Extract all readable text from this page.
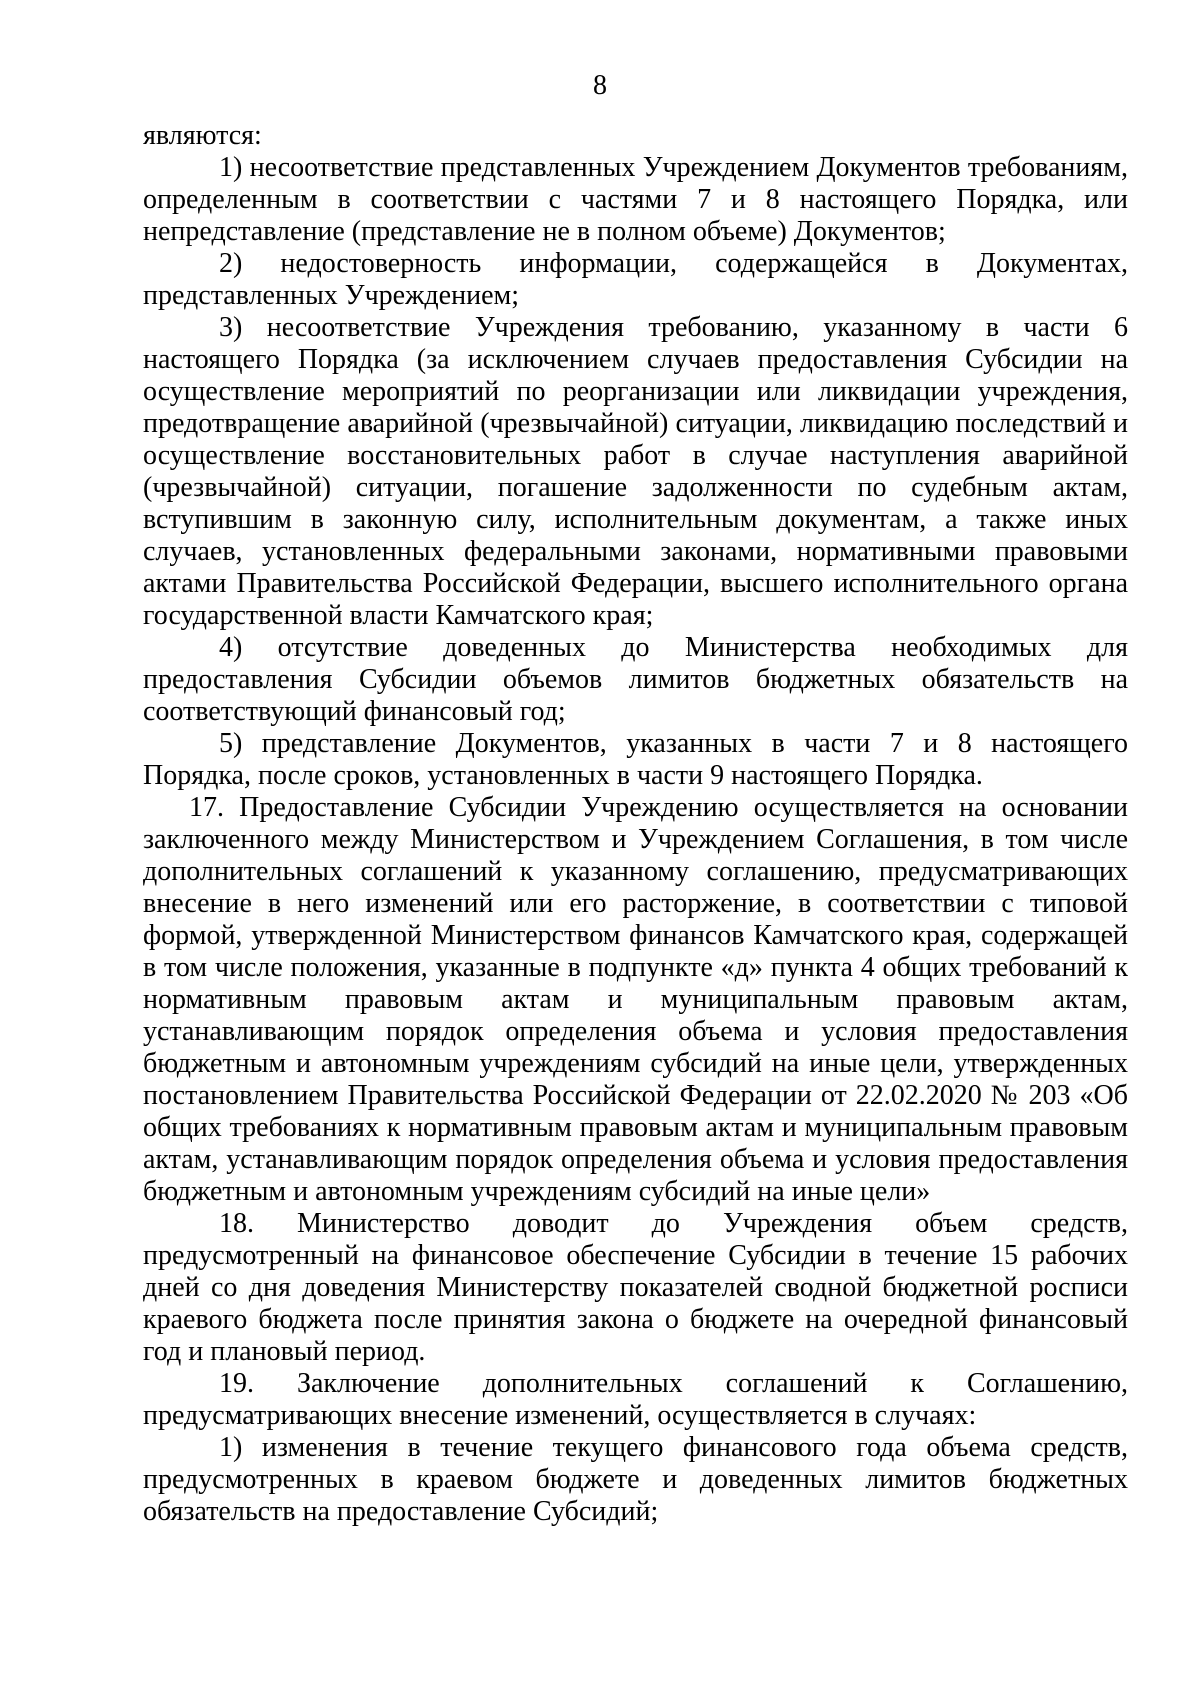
8

являются:

1) несоответствие представленных Учреждением Документов требованиям, определенным в соответствии с частями 7 и 8 настоящего Порядка, или непредставление (представление не в полном объеме) Документов;

2) недостоверность информации, содержащейся в Документах, представленных Учреждением;

3) несоответствие Учреждения требованию, указанному в части 6 настоящего Порядка (за исключением случаев предоставления Субсидии на осуществление мероприятий по реорганизации или ликвидации учреждения, предотвращение аварийной (чрезвычайной) ситуации, ликвидацию последствий и осуществление восстановительных работ в случае наступления аварийной (чрезвычайной) ситуации, погашение задолженности по судебным актам, вступившим в законную силу, исполнительным документам, а также иных случаев, установленных федеральными законами, нормативными правовыми актами Правительства Российской Федерации, высшего исполнительного органа государственной власти Камчатского края;

4) отсутствие доведенных до Министерства необходимых для предоставления Субсидии объемов лимитов бюджетных обязательств на соответствующий финансовый год;

5) представление Документов, указанных в части 7 и 8 настоящего Порядка, после сроков, установленных в части 9 настоящего Порядка.

17. Предоставление Субсидии Учреждению осуществляется на основании заключенного между Министерством и Учреждением Соглашения, в том числе дополнительных соглашений к указанному соглашению, предусматривающих внесение в него изменений или его расторжение, в соответствии с типовой формой, утвержденной Министерством финансов Камчатского края, содержащей в том числе положения, указанные в подпункте «д» пункта 4 общих требований к нормативным правовым актам и муниципальным правовым актам, устанавливающим порядок определения объема и условия предоставления бюджетным и автономным учреждениям субсидий на иные цели, утвержденных постановлением Правительства Российской Федерации от 22.02.2020 № 203 «Об общих требованиях к нормативным правовым актам и муниципальным правовым актам, устанавливающим порядок определения объема и условия предоставления бюджетным и автономным учреждениям субсидий на иные цели»

18. Министерство доводит до Учреждения объем средств, предусмотренный на финансовое обеспечение Субсидии в течение 15 рабочих дней со дня доведения Министерству показателей сводной бюджетной росписи краевого бюджета после принятия закона о бюджете на очередной финансовый год и плановый период.

19. Заключение дополнительных соглашений к Соглашению, предусматривающих внесение изменений, осуществляется в случаях:

1) изменения в течение текущего финансового года объема средств, предусмотренных в краевом бюджете и доведенных лимитов бюджетных обязательств на предоставление Субсидий;
